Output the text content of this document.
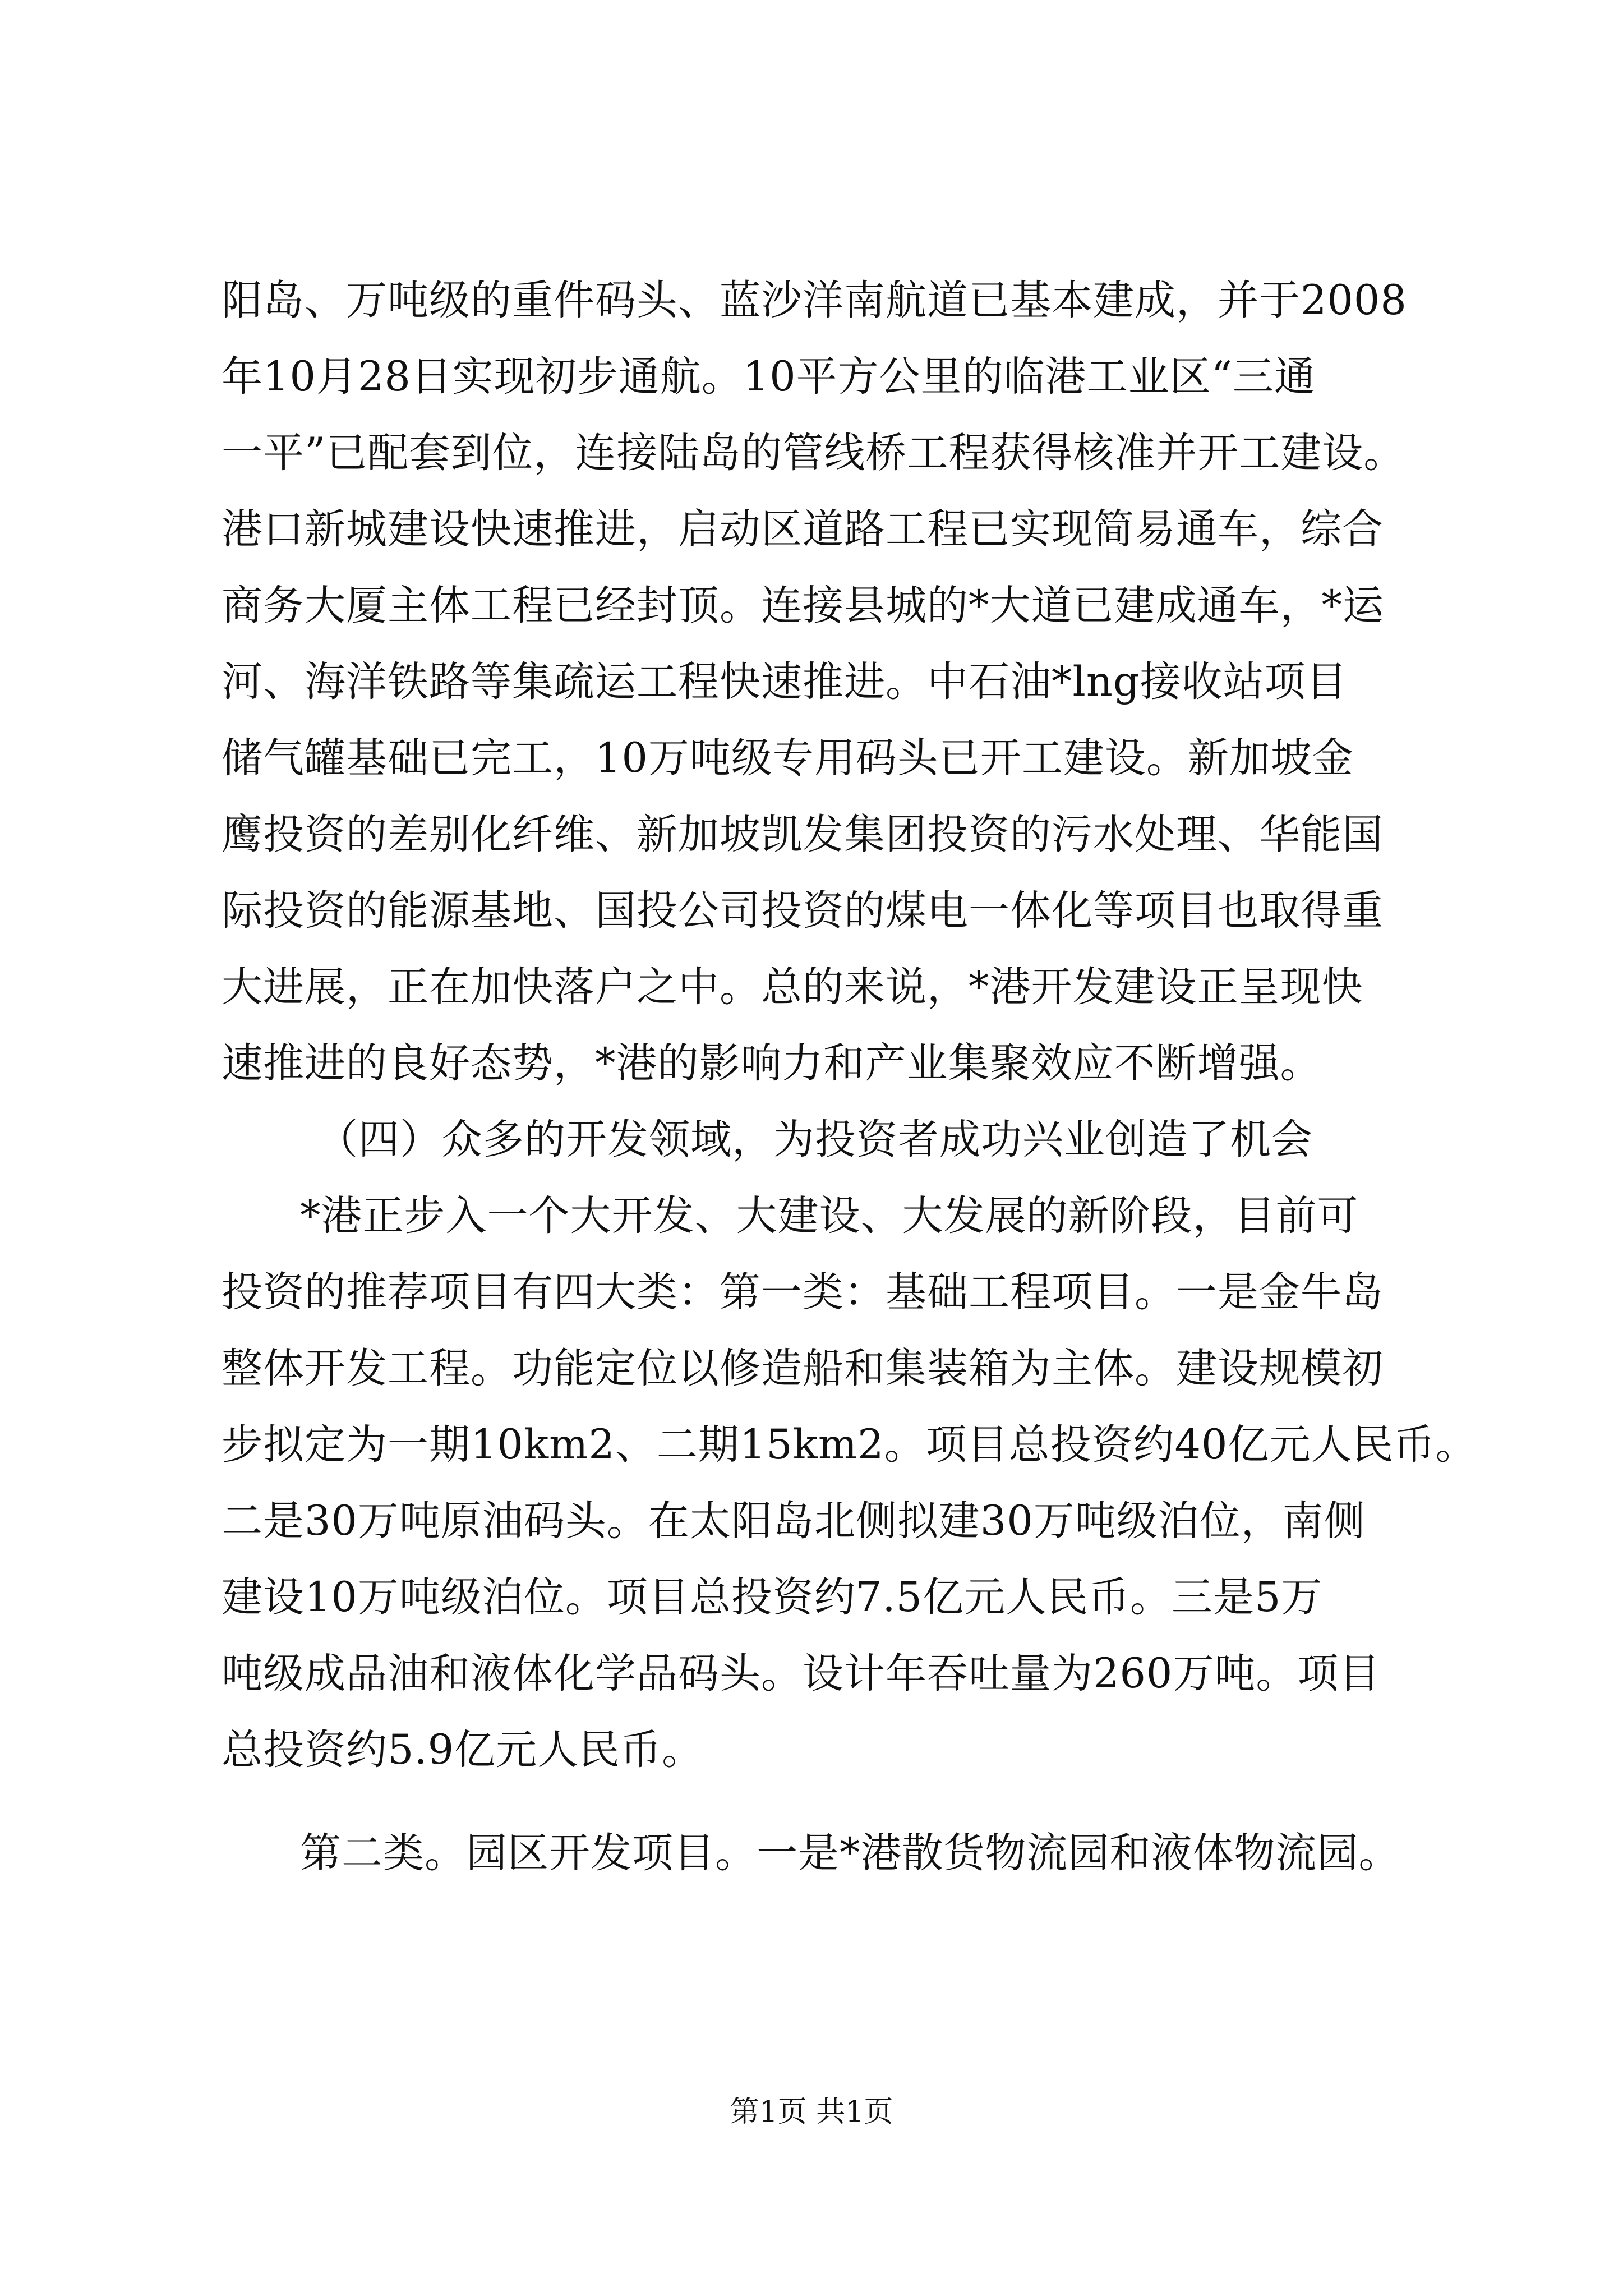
阳岛、万吨级的重件码头、蓝沙洋南航道已基本建成，并于2008
年10月28日实现初步通航。10平方公里的临港工业区“三通
一平”已配套到位，连接陆岛的管线桥工程获得核准并开工建设。
港口新城建设快速推进，启动区道路工程已实现简易通车，综合
商务大厦主体工程已经封顶。连接县城的*大道已建成通车，*运
河、海洋铁路等集疏运工程快速推进。中石油*lng接收站项目
储气罐基础已完工，10万吨级专用码头已开工建设。新加坡金
鹰投资的差别化纤维、新加坡凯发集团投资的污水处理、华能国
际投资的能源基地、国投公司投资的煤电一体化等项目也取得重
大进展，正在加快落户之中。总的来说，*港开发建设正呈现快
速推进的良好态势，*港的影响力和产业集聚效应不断增强。
（四）众多的开发领域，为投资者成功兴业创造了机会
*港正步入一个大开发、大建设、大发展的新阶段，目前可
投资的推荐项目有四大类：第一类：基础工程项目。一是金牛岛
整体开发工程。功能定位以修造船和集装箱为主体。建设规模初
步拟定为一期10km2、二期15km2。项目总投资约40亿元人民币。
二是30万吨原油码头。在太阳岛北侧拟建30万吨级泊位，南侧
建设10万吨级泊位。项目总投资约7.5亿元人民币。三是5万
吨级成品油和液体化学品码头。设计年吞吐量为260万吨。项目
总投资约5.9亿元人民币。
第二类。园区开发项目。一是*港散货物流园和液体物流园。
第1页 共1页
